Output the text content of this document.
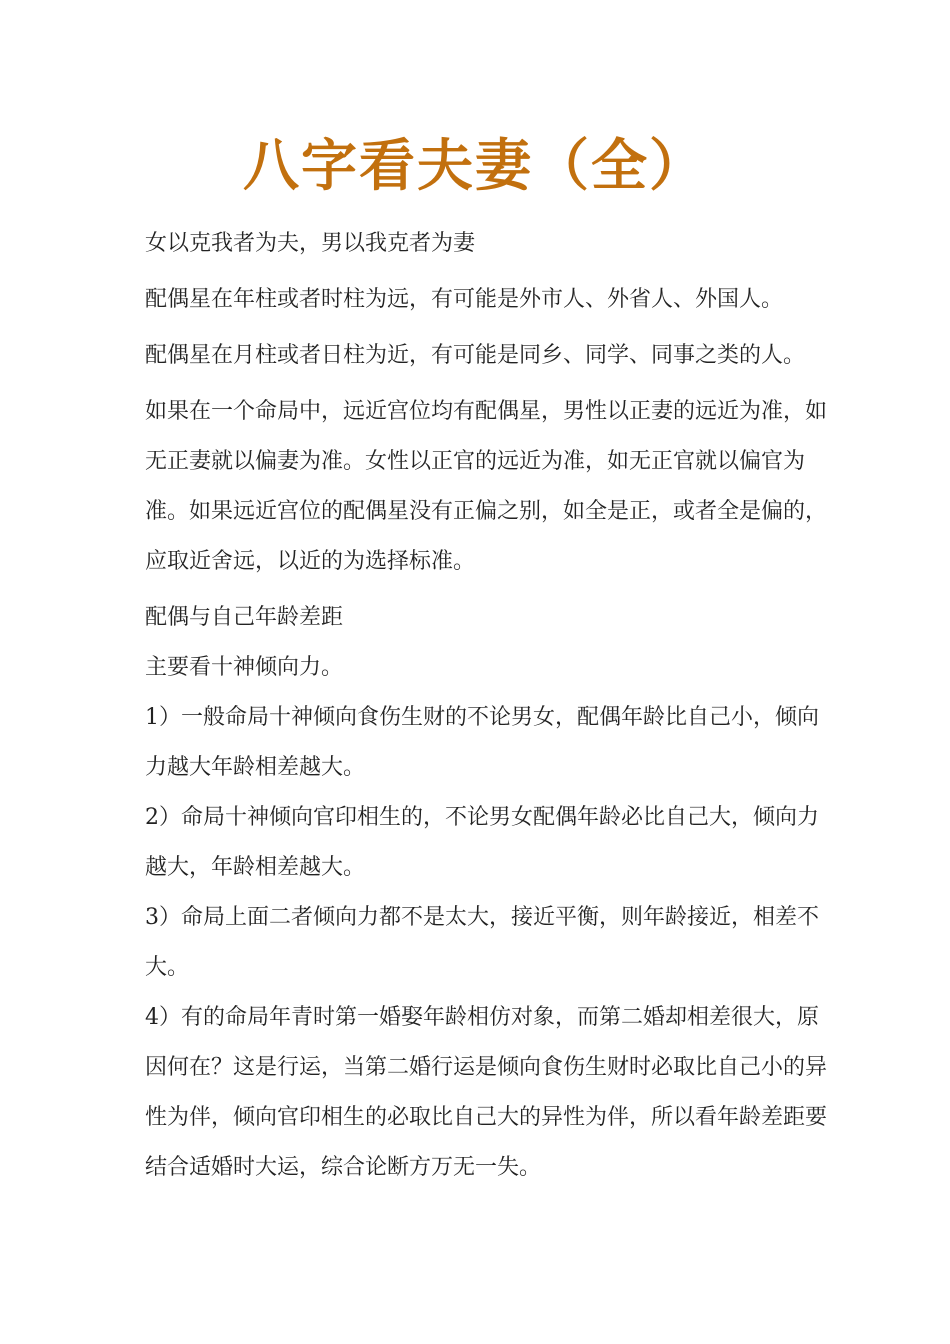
八字看夫妻（全）

女以克我者为夫，男以我克者为妻

配偶星在年柱或者时柱为远，有可能是外市人、外省人、外国人。

配偶星在月柱或者日柱为近，有可能是同乡、同学、同事之类的人。

如果在一个命局中，远近宫位均有配偶星，男性以正妻的远近为准，如无正妻就以偏妻为准。女性以正官的远近为准，如无正官就以偏官为准。如果远近宫位的配偶星没有正偏之别，如全是正，或者全是偏的，应取近舍远，以近的为选择标准。

配偶与自己年龄差距

主要看十神倾向力。

1）一般命局十神倾向食伤生财的不论男女，配偶年龄比自己小，倾向力越大年龄相差越大。

2）命局十神倾向官印相生的，不论男女配偶年龄必比自己大，倾向力越大，年龄相差越大。

3）命局上面二者倾向力都不是太大，接近平衡，则年龄接近，相差不大。

4）有的命局年青时第一婚娶年龄相仿对象，而第二婚却相差很大，原因何在？这是行运，当第二婚行运是倾向食伤生财时必取比自己小的异性为伴，倾向官印相生的必取比自己大的异性为伴，所以看年龄差距要结合适婚时大运，综合论断方万无一失。
